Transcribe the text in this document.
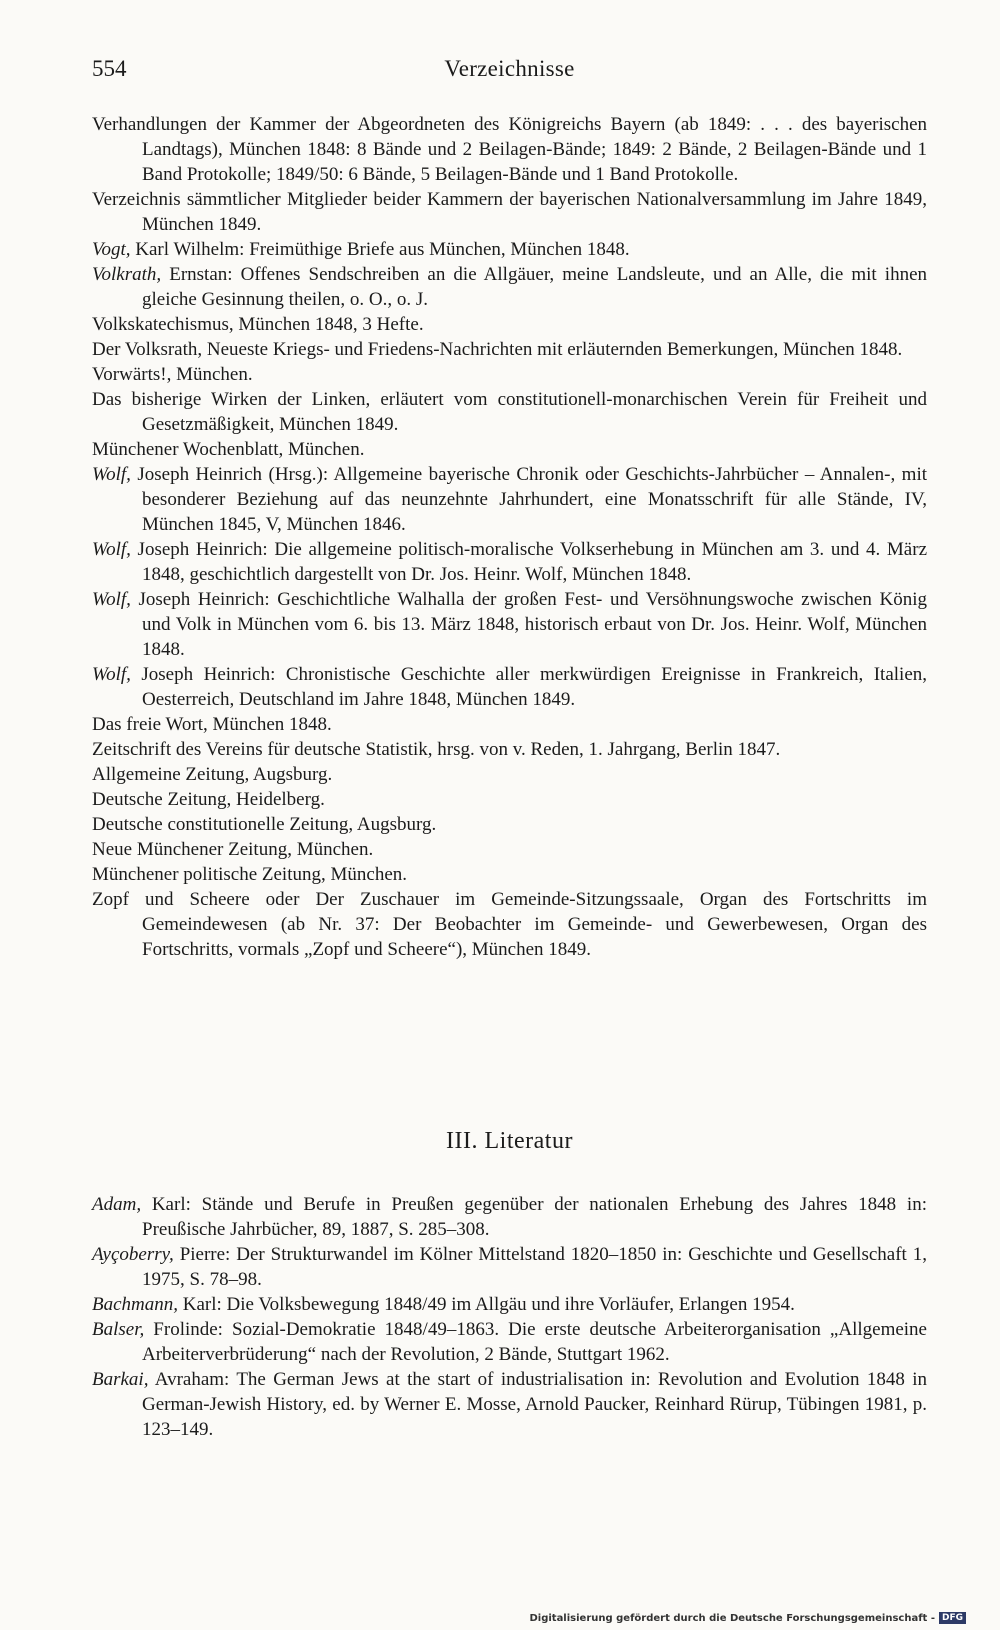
554	Verzeichnisse
Verhandlungen der Kammer der Abgeordneten des Königreichs Bayern (ab 1849: . . . des bayerischen Landtags), München 1848: 8 Bände und 2 Beilagen-Bände; 1849: 2 Bände, 2 Beilagen-Bände und 1 Band Protokolle; 1849/50: 6 Bände, 5 Beilagen-Bände und 1 Band Protokolle.
Verzeichnis sämmtlicher Mitglieder beider Kammern der bayerischen Nationalversammlung im Jahre 1849, München 1849.
Vogt, Karl Wilhelm: Freimüthige Briefe aus München, München 1848.
Volkrath, Ernstan: Offenes Sendschreiben an die Allgäuer, meine Landsleute, und an Alle, die mit ihnen gleiche Gesinnung theilen, o. O., o. J.
Volkskatechismus, München 1848, 3 Hefte.
Der Volksrath, Neueste Kriegs- und Friedens-Nachrichten mit erläuternden Bemerkungen, München 1848.
Vorwärts!, München.
Das bisherige Wirken der Linken, erläutert vom constitutionell-monarchischen Verein für Freiheit und Gesetzmäßigkeit, München 1849.
Münchener Wochenblatt, München.
Wolf, Joseph Heinrich (Hrsg.): Allgemeine bayerische Chronik oder Geschichts-Jahrbücher – Annalen-, mit besonderer Beziehung auf das neunzehnte Jahrhundert, eine Monatsschrift für alle Stände, IV, München 1845, V, München 1846.
Wolf, Joseph Heinrich: Die allgemeine politisch-moralische Volkserhebung in München am 3. und 4. März 1848, geschichtlich dargestellt von Dr. Jos. Heinr. Wolf, München 1848.
Wolf, Joseph Heinrich: Geschichtliche Walhalla der großen Fest- und Versöhnungswoche zwischen König und Volk in München vom 6. bis 13. März 1848, historisch erbaut von Dr. Jos. Heinr. Wolf, München 1848.
Wolf, Joseph Heinrich: Chronistische Geschichte aller merkwürdigen Ereignisse in Frankreich, Italien, Oesterreich, Deutschland im Jahre 1848, München 1849.
Das freie Wort, München 1848.
Zeitschrift des Vereins für deutsche Statistik, hrsg. von v. Reden, 1. Jahrgang, Berlin 1847.
Allgemeine Zeitung, Augsburg.
Deutsche Zeitung, Heidelberg.
Deutsche constitutionelle Zeitung, Augsburg.
Neue Münchener Zeitung, München.
Münchener politische Zeitung, München.
Zopf und Scheere oder Der Zuschauer im Gemeinde-Sitzungssaale, Organ des Fortschritts im Gemeindewesen (ab Nr. 37: Der Beobachter im Gemeinde- und Gewerbewesen, Organ des Fortschritts, vormals „Zopf und Scheere“), München 1849.
III. Literatur
Adam, Karl: Stände und Berufe in Preußen gegenüber der nationalen Erhebung des Jahres 1848 in: Preußische Jahrbücher, 89, 1887, S. 285–308.
Ayçoberry, Pierre: Der Strukturwandel im Kölner Mittelstand 1820–1850 in: Geschichte und Gesellschaft 1, 1975, S. 78–98.
Bachmann, Karl: Die Volksbewegung 1848/49 im Allgäu und ihre Vorläufer, Erlangen 1954.
Balser, Frolinde: Sozial-Demokratie 1848/49–1863. Die erste deutsche Arbeiterorganisation „Allgemeine Arbeiterverbrüderung“ nach der Revolution, 2 Bände, Stuttgart 1962.
Barkai, Avraham: The German Jews at the start of industrialisation in: Revolution and Evolution 1848 in German-Jewish History, ed. by Werner E. Mosse, Arnold Paucker, Reinhard Rürup, Tübingen 1981, p. 123–149.
Digitalisierung gefördert durch die Deutsche Forschungsgemeinschaft - DFG
